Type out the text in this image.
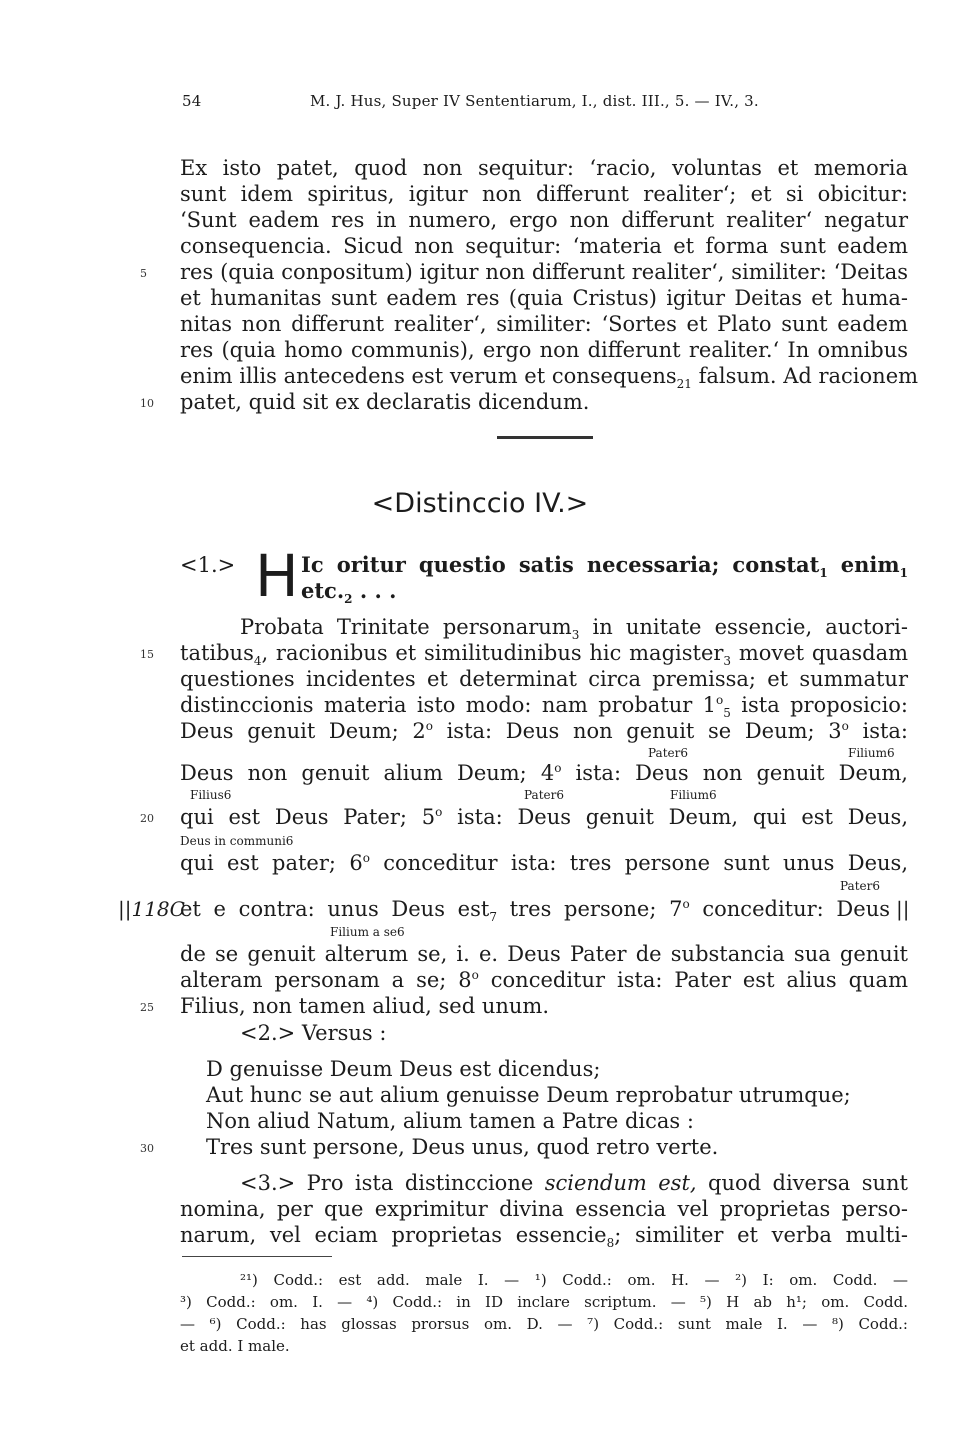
54	M. J. Hus, Super IV Sententiarum, I., dist. III., 5. — IV., 3.
Ex isto patet, quod non sequitur: ‘racio, voluntas et memoria
sunt idem spiritus, igitur non differunt realiter‘; et si obicitur:
‘Sunt eadem res in numero, ergo non differunt realiter‘ negatur
consequencia. Sicud non sequitur: ‘materia et forma sunt eadem
res (quia conpositum) igitur non differunt realiter‘, similiter: ‘Deitas
et humanitas sunt eadem res (quia Cristus) igitur Deitas et huma-
nitas non differunt realiter‘, similiter: ‘Sortes et Plato sunt eadem
res (quia homo communis), ergo non differunt realiter.‘ In omnibus
enim illis antecedens est verum et consequens$_{21}$ falsum. Ad racionem
patet, quid sit ex declaratis dicendum.
5
10
<Distinccio IV.>
<1.> H Ic oritur questio satis necessaria; constat$_1$ enim$_1$
$etc._2$ . . .
Probata Trinitate personarum$_3$ in unitate essencie, auctori-
tatibus$_4$, racionibus et similitudinibus hic magister$_3$ movet quasdam
questiones incidentes et determinat circa premissa; et summatur
distinccionis materia isto modo: nam probatur $1^o_5$ ista proposicio:
Deus genuit Deum; 2$^o$ ista: Deus non genuit se Deum; 3$^o$ ista:
Pater6	Filium6
Deus non genuit alium Deum; 4$^o$ ista: Deus non genuit Deum,
Filius6	Pater6	Filium6
qui est Deus Pater; 5$^o$ ista: Deus genuit Deum, qui est Deus,
Deus in communi6
qui est pater; 6$^o$ conceditur ista: tres persone sunt unus Deus,
Pater6
||118C
et e contra: unus Deus est$_7$ tres persone; 7$^o$ conceditur: Deus ||
Filium a se6
de se genuit alterum se, i. e. Deus Pater de substancia sua genuit
alteram personam a se; 8$^o$ conceditur ista: Pater est alius quam
Filius, non tamen aliud, sed unum.
15
20
25
<2.> Versus :
D genuisse Deum Deus est dicendus;
Aut hunc se aut alium genuisse Deum reprobatur utrumque;
Non aliud Natum, alium tamen a Patre dicas :
Tres sunt persone, Deus unus, quod retro verte.
30
<3.> Pro ista distinccione sciendum est, quod diversa sunt
nomina, per que exprimitur divina essencia vel proprietas perso-
narum, vel eciam proprietas essencie$_8$; similiter et verba multi-
²¹) Codd.: est add. male I. — ¹) Codd.: om. H. — ²) I: om. Codd. —
³) Codd.: om. I. — ⁴) Codd.: in ID inclare scriptum. — ⁵) H ab h¹; om. Codd.
— ⁶) Codd.: has glossas prorsus om. D. — ⁷) Codd.: sunt male I. — ⁸) Codd.:
et add. I male.
